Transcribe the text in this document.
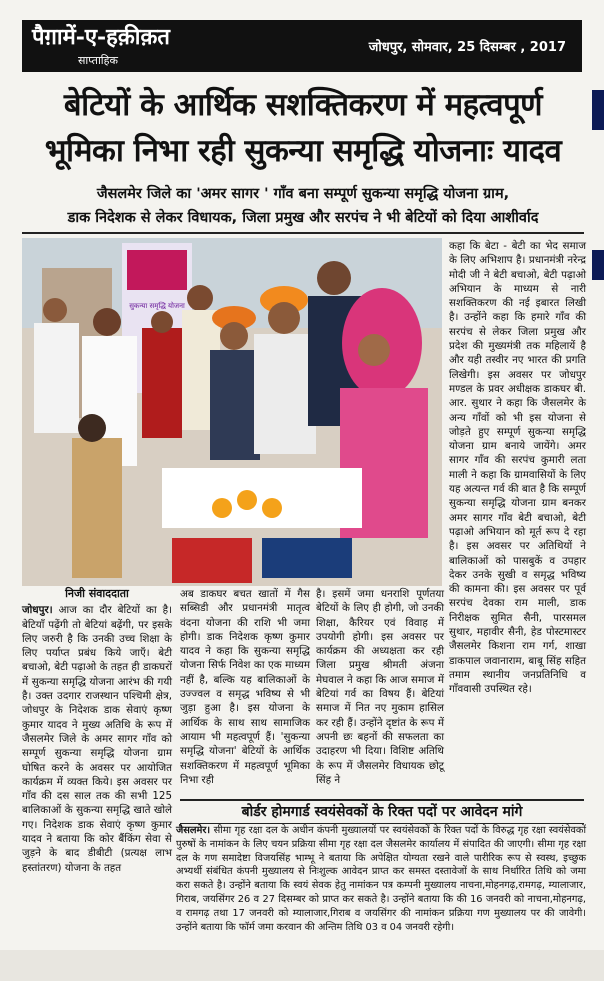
पैग़ामें-ए-हक़ीक़त
साप्ताहिक
जोधपुर, सोमवार, 25 दिसम्बर , 2017
बेटियों के आर्थिक सशक्तिकरण में महत्वपूर्ण
भूमिका निभा रही सुकन्या समृद्धि योजनाः यादव
जैसलमेर जिले का 'अमर सागर ' गाँव बना सम्पूर्ण सुकन्या समृद्धि योजना ग्राम,
डाक निदेशक से लेकर विधायक, जिला प्रमुख और सरपंच ने भी बेटियों को दिया आशीर्वाद
सुकन्या समृद्धि योजना
निजी संवाददाता
जोधपुर। आज का दौर बेटियों का है। बेटियाँ पढ़ेंगी तो बेटियां बढ़ेंगी, पर इसके लिए जरुरी है कि उनकी उच्च शिक्षा के लिए पर्याप्त प्रबंध किये जाएँ। बेटी बचाओ, बेटी पढ़ाओ के तहत ही डाकघरों में सुकन्या समृद्धि योजना आरंभ की गयी है। उक्त उदगार राजस्थान पश्चिमी क्षेत्र, जोधपुर के निदेशक डाक सेवाएं कृष्ण कुमार यादव ने मुख्य अतिथि के रूप में जैसलमेर जिले के अमर सागर गाँव को सम्पूर्ण सुकन्या समृद्धि योजना ग्राम घोषित करने के अवसर पर आयोजित कार्यक्रम में व्यक्त किये। इस अवसर पर गाँव की दस साल तक की सभी 125 बालिकाओं के सुकन्या समृद्धि खाते खोले गए। निदेशक डाक सेवाएं कृष्ण कुमार यादव ने बताया कि कोर बैंकिंग सेवा से जुड़ने के बाद डीबीटी (प्रत्यक्ष लाभ हस्तांतरण) योजना के तहत
अब डाकघर बचत खातों में गैस सब्सिडी और प्रधानमंत्री मातृत्व वंदना योजना की राशि भी जमा होगी। डाक निदेशक कृष्ण कुमार यादव ने कहा कि सुकन्या समृद्धि योजना सिर्फ निवेश का एक माध्यम नहीं है, बल्कि यह बालिकाओं के उज्ज्वल व समृद्ध भविष्य से भी जुड़ा हुआ है। इस योजना के आर्थिक के साथ साथ सामाजिक आयाम भी महत्वपूर्ण हैं। 'सुकन्या समृद्धि योजना' बेटियों के आर्थिक सशक्तिकरण में महत्वपूर्ण भूमिका निभा रही
है। इसमें जमा धनराशि पूर्णतया बेटियों के लिए ही होगी, जो उनकी शिक्षा, कैरियर एवं विवाह में उपयोगी होगी। इस अवसर पर कार्यक्रम की अध्यक्षता कर रही जिला प्रमुख श्रीमती अंजना मेघवाल ने कहा कि आज समाज में बेटियां गर्व का विषय हैं। बेटियां समाज में नित नए मुकाम हासिल कर रही हैं। उन्होंने दृष्टांत के रूप में अपनी छः बहनों की सफलता का उदाहरण भी दिया। विशिष्ट अतिथि के रूप में जैसलमेर विधायक छोटू सिंह ने
कहा कि बेटा - बेटी का भेद समाज के लिए अभिशाप है। प्रधानमंत्री नरेन्द्र मोदी जी ने बेटी बचाओ, बेटी पढ़ाओ अभियान के माध्यम से नारी सशक्तिकरण की नई इबारत लिखी है। उन्होंने कहा कि हमारे गाँव की सरपंच से लेकर जिला प्रमुख और प्रदेश की मुख्यमंत्री तक महिलायें है और यही तस्वीर नए भारत की प्रगति लिखेगी। इस अवसर पर जोधपुर मण्डल के प्रवर अधीक्षक डाकघर बी. आर. सुथार ने कहा कि जैसलमेर के अन्य गाँवों को भी इस योजना से जोड़ते हुए सम्पूर्ण सुकन्या समृद्धि योजना ग्राम बनाये जायेंगे। अमर सागर गाँव की सरपंच कुमारी लता माली ने कहा कि ग्रामवासियों के लिए यह अत्यन्त गर्व की बात है कि सम्पूर्ण सुकन्या समृद्धि योजना ग्राम बनकर अमर सागर गाँव बेटी बचाओ, बेटी पढ़ाओ अभियान को मूर्त रूप दे रहा है। इस अवसर पर अतिथियों ने बालिकाओं को पासबुकें व उपहार देकर उनके सुखी व समृद्ध भविष्य की कामना की। इस अवसर पर पूर्व सरपंच देवका राम माली, डाक निरीक्षक सुमित सैनी, पारसमल सुथार, महावीर सैनी, हेड पोस्टमास्टर जैसलमेर किशना राम गर्ग, शाखा डाकपाल जवानाराम, बाबू सिंह सहित तमाम स्थानीय जनप्रतिनिधि व गाँववासी उपस्थित रहे।
बोर्डर होमगार्ड स्वयंसेवकों के रिक्त पदों पर आवेदन मांगे
जैसलमेर। सीमा गृह रक्षा दल के अधीन कंपनी मुख्यालयों पर स्वयंसेवकों के रिक्त पदों के विरुद्ध गृह रक्षा स्वयंसेवकों पुरुषों के नामांकन के लिए चयन प्रक्रिया सीमा गृह रक्षा दल जैसलमेर कार्यालय में संपादित की जाएगी। सीमा गृह रक्षा दल के गण समादेष्टा विजयसिंह भाम्भू ने बताया कि अपेक्षित योग्यता रखने वाले पारीरिक रूप से स्वस्थ, इच्छुक अभ्यर्थी संबंधित कंपनी मुख्यालय से निःशुल्क आवेदन प्राप्त कर समस्त दस्तावेजों के साथ निर्धारित तिथि को जमा करा सकते है। उन्होंने बताया कि स्वयं सेवक हेतु नामांकन पत्र कम्पनी मुख्यालय नाचना,मोहनगढ़,रामगढ़, म्यालाजार, गिराब, जयसिंगर 26 व 27 दिसम्बर को प्राप्त कर सकते है। उन्होंने बताया कि की 16 जनवरी को नाचना,मोहनगढ़, व रामगढ़ तथा 17 जनवरी को म्यालाजार,गिराब व जयसिंगर की नामांकन प्रक्रिया गण मुख्यालय पर की जावेगी। उन्होंने बताया कि फॉर्म जमा करवान की अन्तिम तिथि 03 व 04 जनवरी रहेगी।
